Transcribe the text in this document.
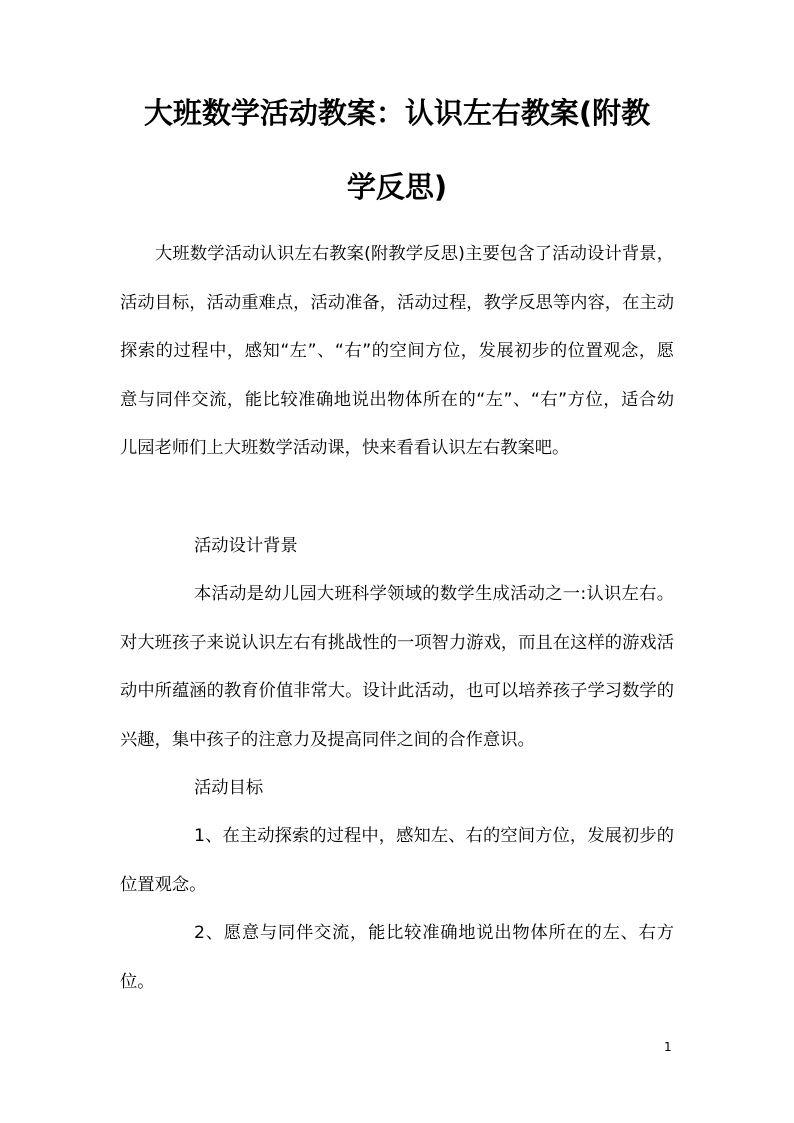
大班数学活动教案：认识左右教案(附教
学反思)

大班数学活动认识左右教案(附教学反思)主要包含了活动设计背景，活动目标，活动重难点，活动准备，活动过程，教学反思等内容，在主动探索的过程中，感知“左”、“右”的空间方位，发展初步的位置观念，愿意与同伴交流，能比较准确地说出物体所在的“左”、“右”方位，适合幼儿园老师们上大班数学活动课，快来看看认识左右教案吧。

活动设计背景

本活动是幼儿园大班科学领域的数学生成活动之一:认识左右。对大班孩子来说认识左右有挑战性的一项智力游戏，而且在这样的游戏活动中所蕴涵的教育价值非常大。设计此活动，也可以培养孩子学习数学的兴趣，集中孩子的注意力及提高同伴之间的合作意识。

活动目标

1、在主动探索的过程中，感知左、右的空间方位，发展初步的位置观念。

2、愿意与同伴交流，能比较准确地说出物体所在的左、右方位。

1
